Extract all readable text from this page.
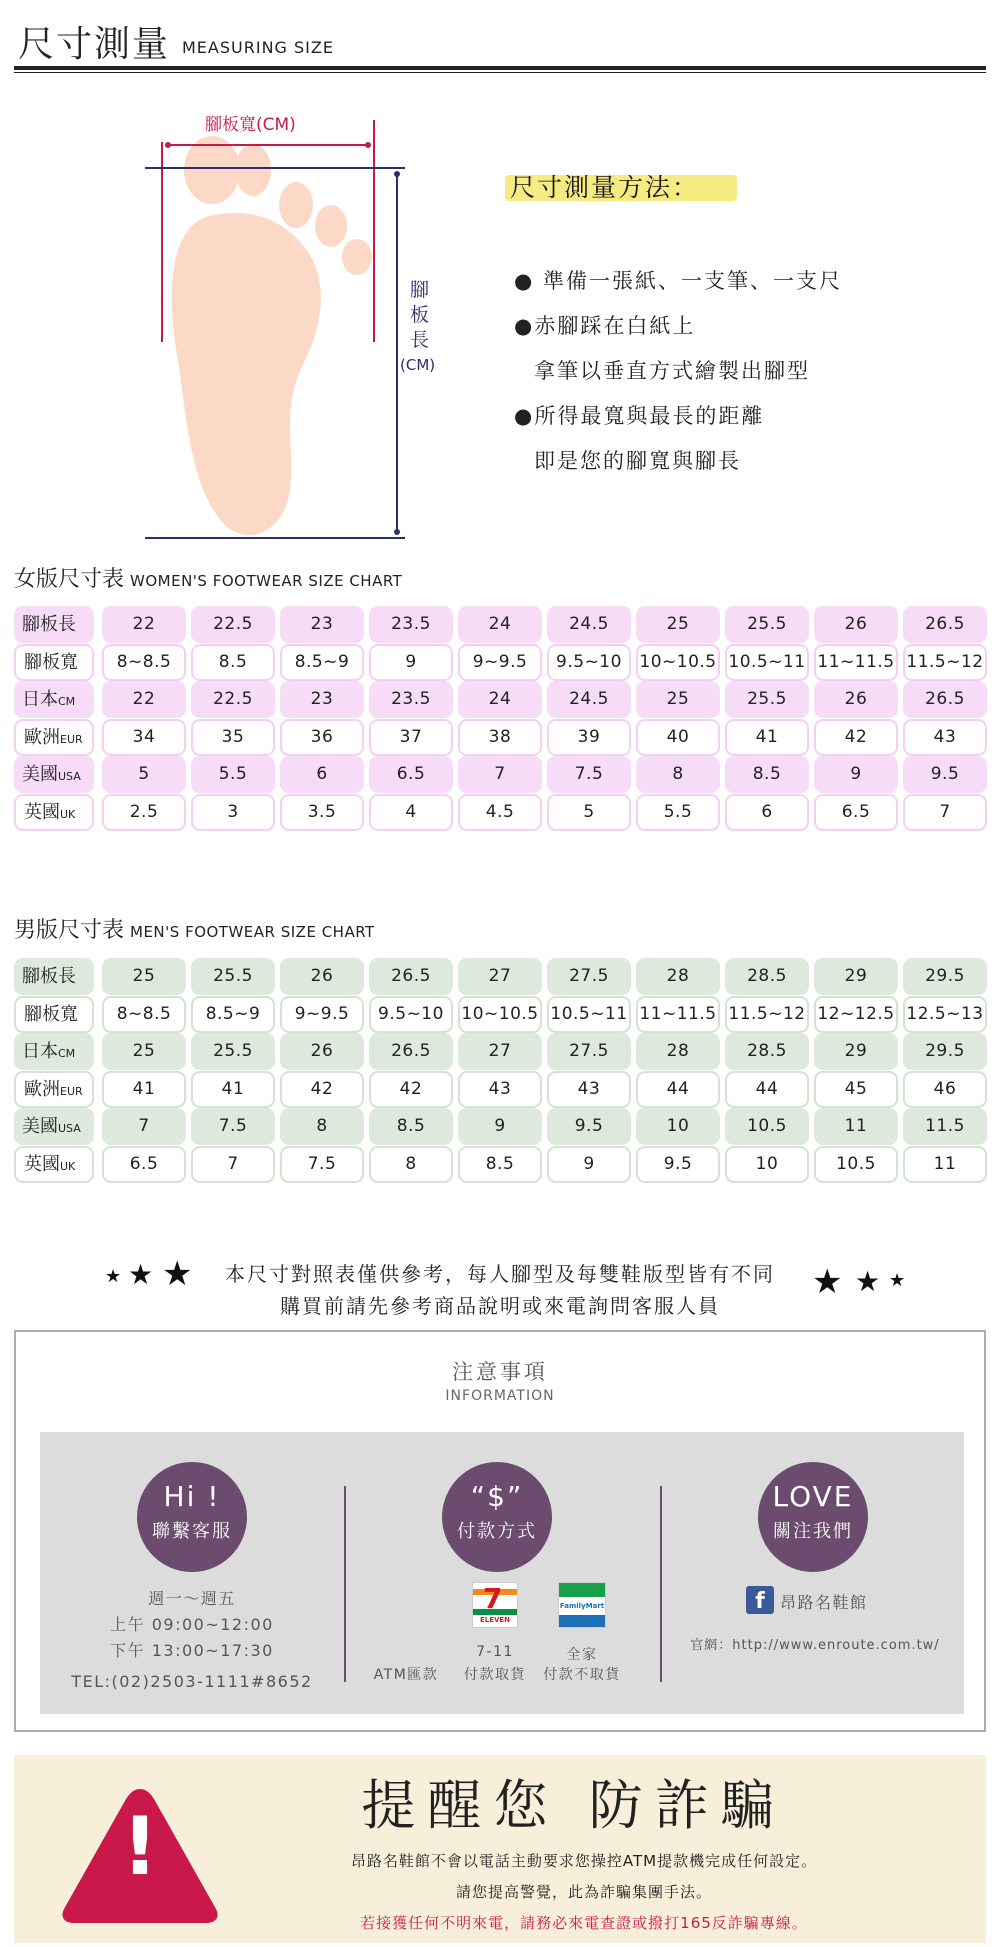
尺寸測量 MEASURING SIZE
腳板寬(CM)
腳
板
長
(CM)
尺寸測量方法：
● 準備一張紙、一支筆、一支尺
●赤腳踩在白紙上
拿筆以垂直方式繪製出腳型
●所得最寬與最長的距離
即是您的腳寬與腳長
女版尺寸表 WOMEN'S FOOTWEAR SIZE CHART
腳板長	22	22.5	23	23.5	24	24.5	25	25.5	26	26.5
腳板寬	8~8.5	8.5	8.5~9	9	9~9.5	9.5~10	10~10.5 10.5~11 11~11.5 11.5~12
日本CM	22	22.5	23	23.5	24	24.5	25	25.5	26	26.5
歐洲EUR	34	35	36	37	38	39	40	41	42	43
美國USA	5	5.5	6	6.5	7	7.5	8	8.5	9	9.5
英國UK	2.5	3	3.5	4	4.5	5	5.5	6	6.5	7
男版尺寸表 MEN'S FOOTWEAR SIZE CHART
腳板長	25	25.5	26	26.5	27	27.5	28	28.5	29	29.5
腳板寬	8~8.5	8.5~9	9~9.5	9.5~10	10~10.5 10.5~11 11~11.5 11.5~12 12~12.5 12.5~13
日本CM	25	25.5	26	26.5	27	27.5	28	28.5	29	29.5
歐洲EUR	41	41	42	42	43	43	44	44	45	46
美國USA	7	7.5	8	8.5	9	9.5	10	10.5	11	11.5
英國UK	6.5	7	7.5	8	8.5	9	9.5	10	10.5	11
★ ★ ★	★ ★ ★
本尺寸對照表僅供參考，每人腳型及每雙鞋版型皆有不同
購買前請先參考商品說明或來電詢問客服人員
注意事項
INFORMATION
Hi !
聯繫客服
週一～週五
上午 09:00~12:00
下午 13:00~17:30
TEL:(02)2503-1111#8652
“$”
付款方式
ATM匯款
7
ELEVEN
7-11
付款取貨
FamilyMart
全家
付款不取貨
LOVE
關注我們
f 昂路名鞋館
官網：http://www.enroute.com.tw/
!	提醒您 防詐騙
昂路名鞋館不會以電話主動要求您操控ATM提款機完成任何設定。
請您提高警覺，此為詐騙集團手法。
若接獲任何不明來電，請務必來電查證或撥打165反詐騙專線。
